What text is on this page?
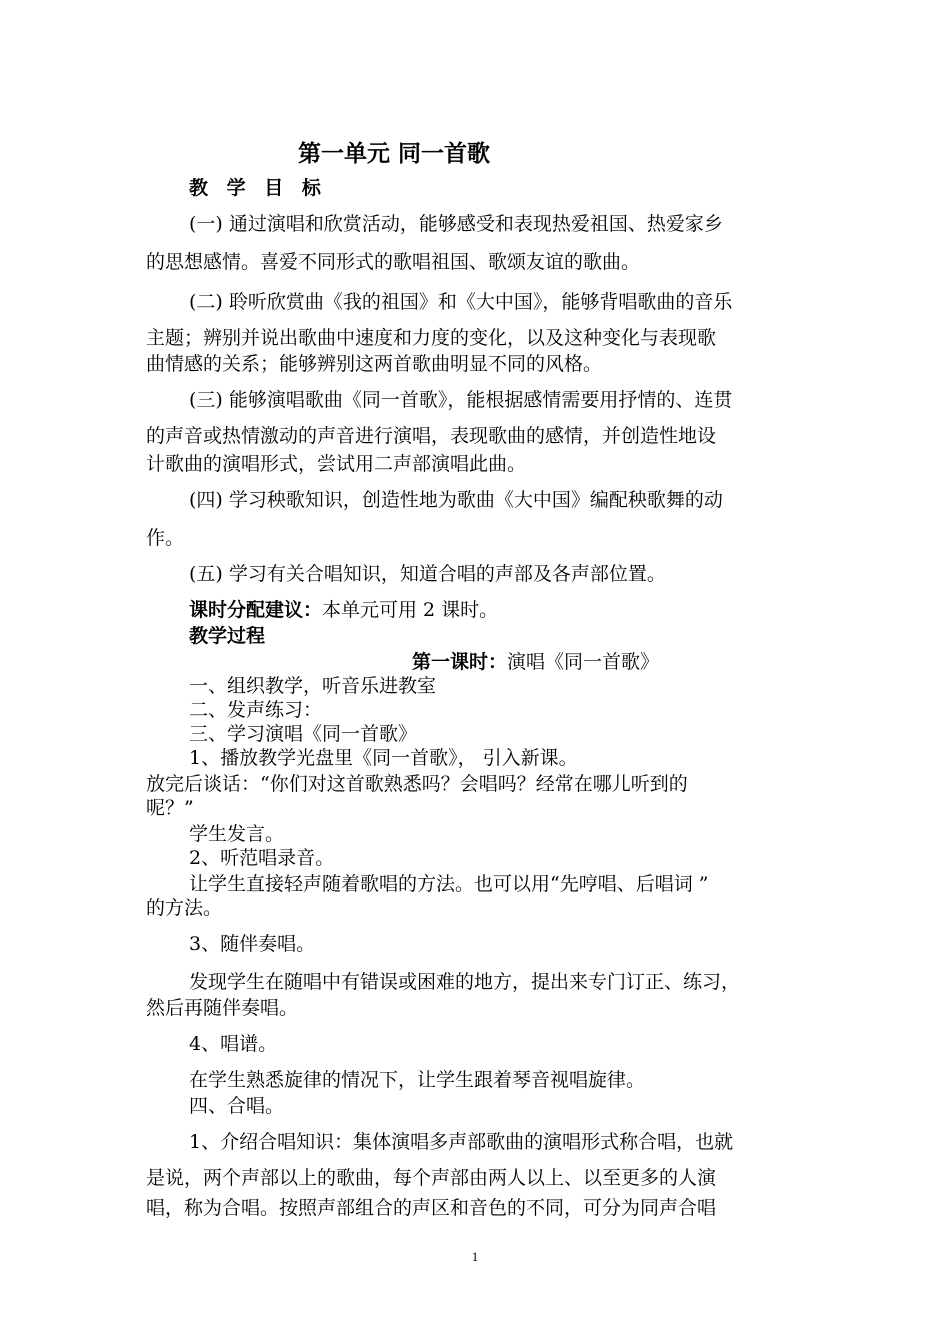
第一单元 同一首歌
教 学 目 标
(一) 通过演唱和欣赏活动，能够感受和表现热爱祖国、热爱家乡
的思想感情。喜爱不同形式的歌唱祖国、歌颂友谊的歌曲。
(二) 聆听欣赏曲《我的祖国》和《大中国》，能够背唱歌曲的音乐
主题；辨别并说出歌曲中速度和力度的变化，以及这种变化与表现歌
曲情感的关系；能够辨别这两首歌曲明显不同的风格。
(三) 能够演唱歌曲《同一首歌》，能根据感情需要用抒情的、连贯
的声音或热情激动的声音进行演唱，表现歌曲的感情，并创造性地设
计歌曲的演唱形式，尝试用二声部演唱此曲。
(四) 学习秧歌知识，创造性地为歌曲《大中国》编配秧歌舞的动
作。
(五) 学习有关合唱知识，知道合唱的声部及各声部位置。
课时分配建议：本单元可用 2 课时。
教学过程
第一课时：演唱《同一首歌》
一、组织教学，听音乐进教室
二、发声练习：
三、学习演唱《同一首歌》
1、播放教学光盘里《同一首歌》， 引入新课。
放完后谈话：“你们对这首歌熟悉吗？会唱吗？经常在哪儿听到的
呢？”
学生发言。
2、听范唱录音。
让学生直接轻声随着歌唱的方法。也可以用“先哼唱、后唱词 ”
的方法。
3、随伴奏唱。
发现学生在随唱中有错误或困难的地方，提出来专门订正、练习，
然后再随伴奏唱。
4、唱谱。
在学生熟悉旋律的情况下，让学生跟着琴音视唱旋律。
四、合唱。
1、介绍合唱知识：集体演唱多声部歌曲的演唱形式称合唱，也就
是说，两个声部以上的歌曲，每个声部由两人以上、以至更多的人演
唱，称为合唱。按照声部组合的声区和音色的不同，可分为同声合唱
1
